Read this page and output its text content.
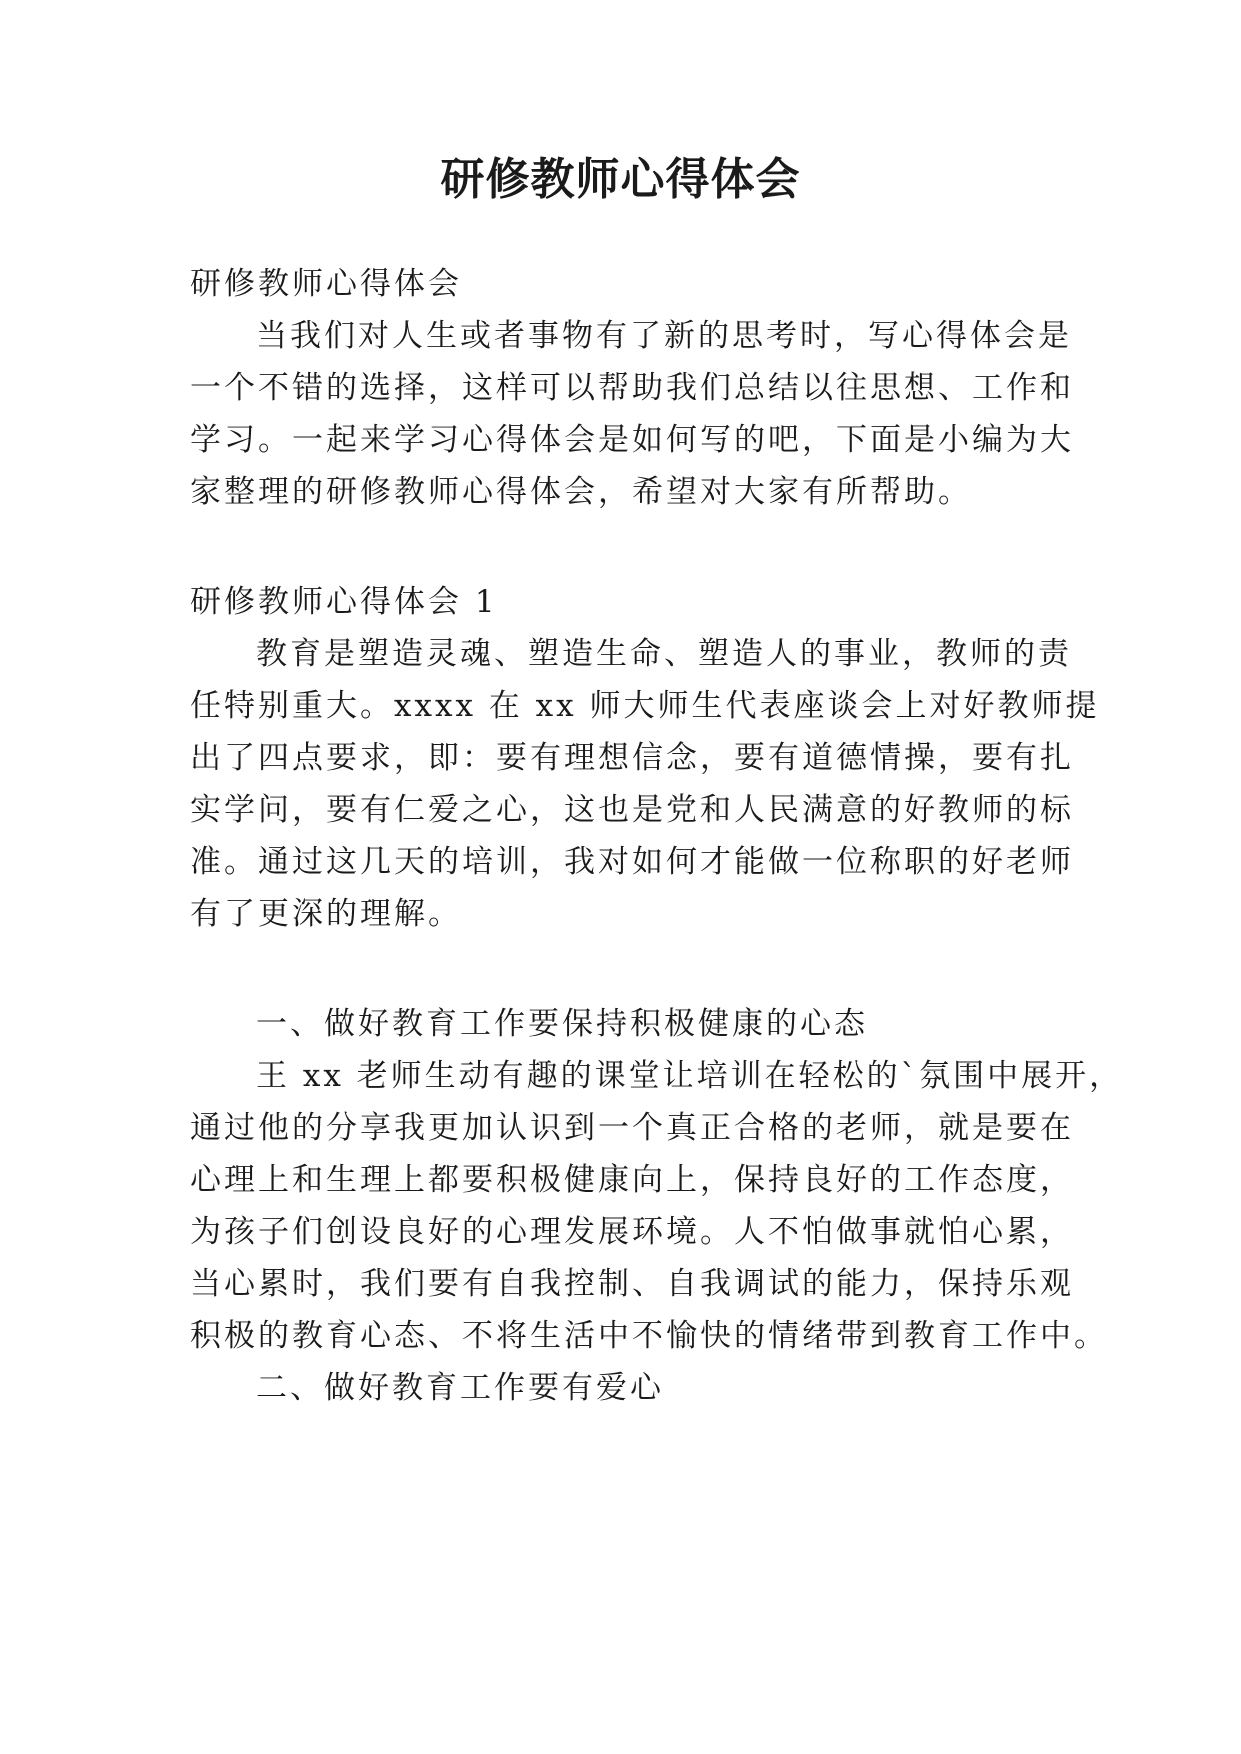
研修教师心得体会
研修教师心得体会
当我们对人生或者事物有了新的思考时，写心得体会是
一个不错的选择，这样可以帮助我们总结以往思想、工作和
学习。一起来学习心得体会是如何写的吧，下面是小编为大
家整理的研修教师心得体会，希望对大家有所帮助。
研修教师心得体会 1
教育是塑造灵魂、塑造生命、塑造人的事业，教师的责
任特别重大。xxxx 在 xx 师大师生代表座谈会上对好教师提
出了四点要求，即：要有理想信念，要有道德情操，要有扎
实学问，要有仁爱之心，这也是党和人民满意的好教师的标
准。通过这几天的培训，我对如何才能做一位称职的好老师
有了更深的理解。
一、做好教育工作要保持积极健康的心态
王 xx 老师生动有趣的课堂让培训在轻松的`氛围中展开，
通过他的分享我更加认识到一个真正合格的老师，就是要在
心理上和生理上都要积极健康向上，保持良好的工作态度，
为孩子们创设良好的心理发展环境。人不怕做事就怕心累，
当心累时，我们要有自我控制、自我调试的能力，保持乐观
积极的教育心态、不将生活中不愉快的情绪带到教育工作中。
二、做好教育工作要有爱心
